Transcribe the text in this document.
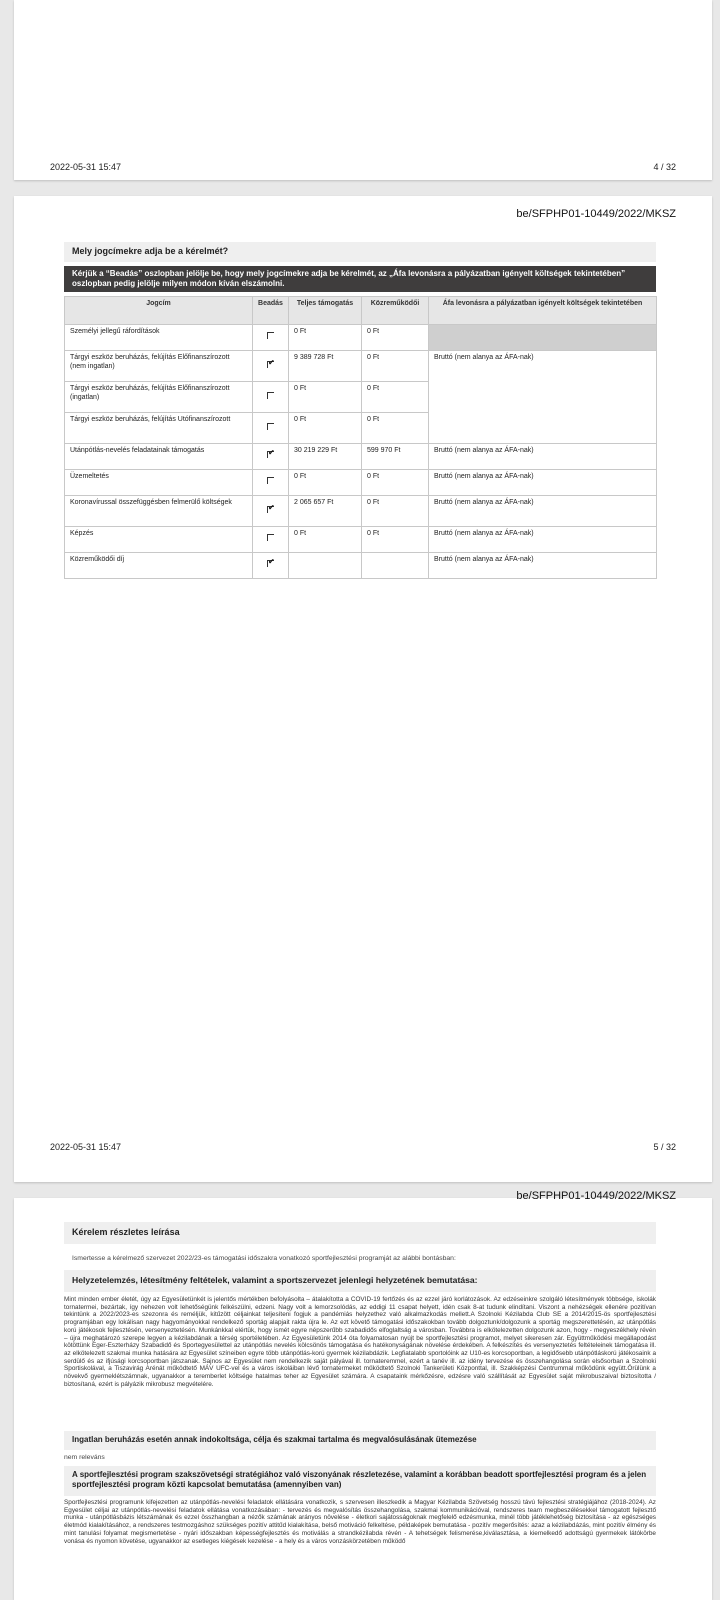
2022-05-31 15:47	4 / 32
be/SFPHP01-10449/2022/MKSZ
Mely jogcímekre adja be a kérelmét?
Kérjük a “Beadás” oszlopban jelölje be, hogy mely jogcímekre adja be kérelmét, az „Áfa levonásra a pályázatban igényelt költségek tekintetében” oszlopban pedig jelölje milyen módon kíván elszámolni.
Jogcím	Beadás	Teljes támogatás	Közreműködői	Áfa levonásra a pályázatban igényelt költségek tekintetében
Személyi jellegű ráfordítások		0 Ft	0 Ft	
Tárgyi eszköz beruházás, felújítás Előfinanszírozott (nem ingatlan)	✔	9 389 728 Ft	0 Ft	Bruttó (nem alanya az ÁFA-nak)
Tárgyi eszköz beruházás, felújítás Előfinanszírozott (ingatlan)		0 Ft	0 Ft	
Tárgyi eszköz beruházás, felújítás Utófinanszírozott		0 Ft	0 Ft	
Utánpótlás-nevelés feladatainak támogatás	✔	30 219 229 Ft	599 970 Ft	Bruttó (nem alanya az ÁFA-nak)
Üzemeltetés		0 Ft	0 Ft	Bruttó (nem alanya az ÁFA-nak)
Koronavírussal összefüggésben felmerülő költségek	✔	2 065 657 Ft	0 Ft	Bruttó (nem alanya az ÁFA-nak)
Képzés		0 Ft	0 Ft	Bruttó (nem alanya az ÁFA-nak)
Közreműködői díj	✔			Bruttó (nem alanya az ÁFA-nak)
2022-05-31 15:47	5 / 32
be/SFPHP01-10449/2022/MKSZ
Kérelem részletes leírása
Ismertesse a kérelmező szervezet 2022/23-es támogatási időszakra vonatkozó sportfejlesztési programját az alábbi bontásban:
Helyzetelemzés, létesítmény feltételek, valamint a sportszervezet jelenlegi helyzetének bemutatása:
Mint minden ember életét, úgy az Egyesületünkét is jelentős mértékben befolyásolta – átalakította a COVID-19 fertőzés és az ezzel járó korlátozások. Az edzéseinkre szolgáló létesítmények többsége, iskolák tornatermei, bezártak, így nehezen volt lehetőségünk felkészülni, edzeni. Nagy volt a lemorzsolódás, az eddigi 11 csapat helyett, idén csak 8-at tudunk elindítani. Viszont a nehézségek ellenére pozitívan tekintünk a 2022/2023-es szezonra és reméljük, kitűzött céljainkat teljesíteni fogjuk a pandémiás helyzethez való alkalmazkodás mellett.A Szolnoki Kézilabda Club SE a 2014/2015-ös sportfejlesztési programjában egy lokálisan nagy hagyományokkal rendelkező sportág alapjait rakta újra le. Az ezt követő támogatási időszakokban tovább dolgoztunk/dolgozunk a sportág megszerettetésén, az utánpótlás korú játékosok fejlesztésén, versenyeztetésén. Munkánkkal elértük, hogy ismét egyre népszerűbb szabadidős elfoglaltság a városban. Továbbra is elkötelezetten dolgozunk azon, hogy - megyeszékhely révén – újra meghatározó szerepe legyen a kézilabdának a térség sportéletében. Az Egyesületünk 2014 óta folyamatosan nyújt be sportfejlesztési programot, melyet sikeresen zár. Együttműködési megállapodást kötöttünk Eger-Eszterházy Szabadidő és Sportegyesülettel az utánpótlás nevelés kölcsönös támogatása és hatékonyságának növelése érdekében. A felkészítés és versenyeztetés feltételeinek támogatása ill. az elkötelezett szakmai munka hatására az Egyesület színeiben egyre több utánpótlás-korú gyermek kézilabdázik. Legfiatalabb sportolóink az U10-es korcsoportban, a legidősebb utánpótláskorú játékosaink a serdülő és az ifjúsági korcsoportban játszanak. Sajnos az Egyesület nem rendelkezik saját pályával ill. tornateremmel, ezért a tanév ill. az idény tervezése és összehangolása során elsősorban a Szolnoki Sportiskolával, a Tiszavirág Arénát működtető MÁV UFC-vel és a város iskoláiban lévő tornatermeket működtető Szolnoki Tankerületi Központtal, ill. Szakképzési Centrummal működünk együtt.Örülünk a növekvő gyermeklétszámnak, ugyanakkor a teremberlet költsége hatalmas teher az Egyesület számára. A csapataink mérkőzésre, edzésre való szállítását az Egyesület saját mikrobuszaival biztosította / biztosítaná, ezért is pályázik mikrobusz megvételére.
Ingatlan beruházás esetén annak indokoltsága, célja és szakmai tartalma és megvalósulásának ütemezése
nem releváns
A sportfejlesztési program szakszövetségi stratégiához való viszonyának részletezése, valamint a korábban beadott sportfejlesztési program és a jelen sportfejlesztési program közti kapcsolat bemutatása (amennyiben van)
Sportfejlesztési programunk kifejezetten az utánpótlás-nevelési feladatok ellátására vonatkozik, s szervesen illeszkedik a Magyar Kézilabda Szövetség hosszú távú fejlesztési stratégiájához (2018-2024). Az Egyesület céljai az utánpótlás-nevelési feladatok ellátása vonatkozásában: - tervezés és megvalósítás összehangolása, szakmai kommunikációval, rendszeres team megbeszélésekkel támogatott fejlesztő munka - utánpótlásbázis létszámának és ezzel összhangban a nézők számának arányos növelése - életkori sajátosságoknak megfelelő edzésmunka, minél több játéklehetőség biztosítása - az egészséges életmód kialakításához, a rendszeres testmozgáshoz szükséges pozitív attitűd kialakítása, belső motiváció felkeltése, példaképek bemutatása - pozitív megerősítés: azaz a kézilabdázás, mint pozitív élmény és mint tanulási folyamat megismertetése - nyári időszakban képességfejlesztés és motiválás a strandkézilabda révén - A tehetségek felismerése,kiválasztása, a kiemelkedő adottságú gyermekek látókörbe vonása és nyomon követése, ugyanakkor az esetleges kiégések kezelése - a hely és a város vonzáskörzetében működő
